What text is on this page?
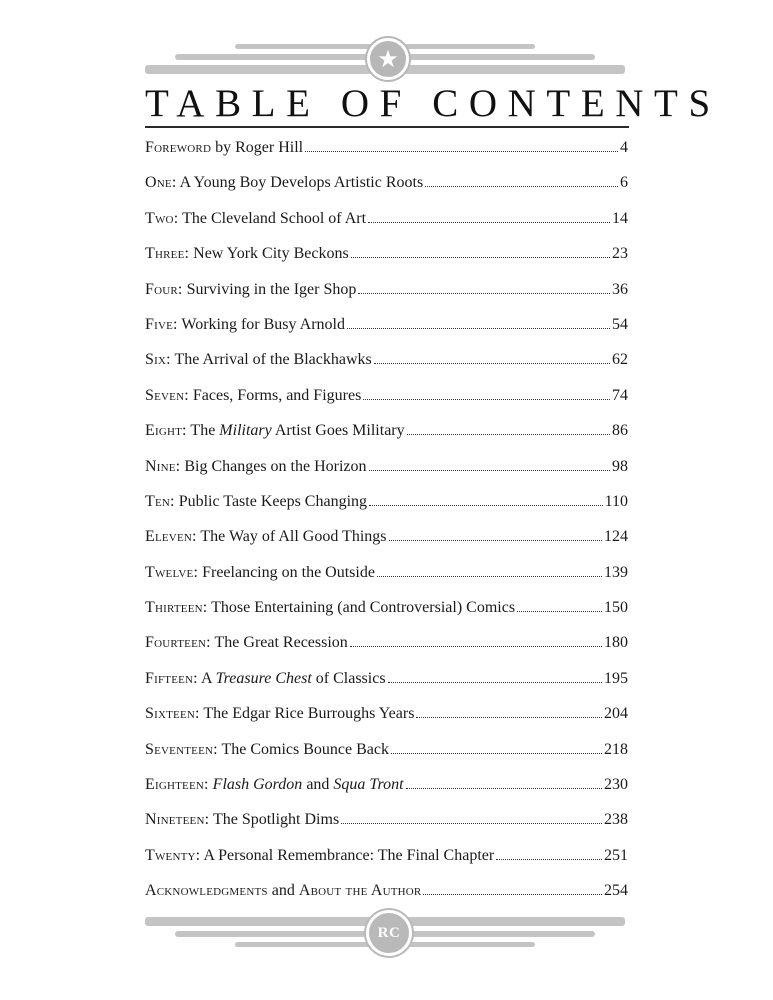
★
TABLE OF CONTENTS
Foreword by Roger Hill	4
One: A Young Boy Develops Artistic Roots	6
Two: The Cleveland School of Art	14
Three: New York City Beckons	23
Four: Surviving in the Iger Shop	36
Five: Working for Busy Arnold	54
Six: The Arrival of the Blackhawks	62
Seven: Faces, Forms, and Figures	74
Eight: The Military Artist Goes Military	86
Nine: Big Changes on the Horizon	98
Ten: Public Taste Keeps Changing	110
Eleven: The Way of All Good Things	124
Twelve: Freelancing on the Outside	139
Thirteen: Those Entertaining (and Controversial) Comics	150
Fourteen: The Great Recession	180
Fifteen: A Treasure Chest of Classics	195
Sixteen: The Edgar Rice Burroughs Years	204
Seventeen: The Comics Bounce Back	218
Eighteen: Flash Gordon and Squa Tront	230
Nineteen: The Spotlight Dims	238
Twenty: A Personal Remembrance: The Final Chapter	251
Acknowledgments and About the Author	254
RC
